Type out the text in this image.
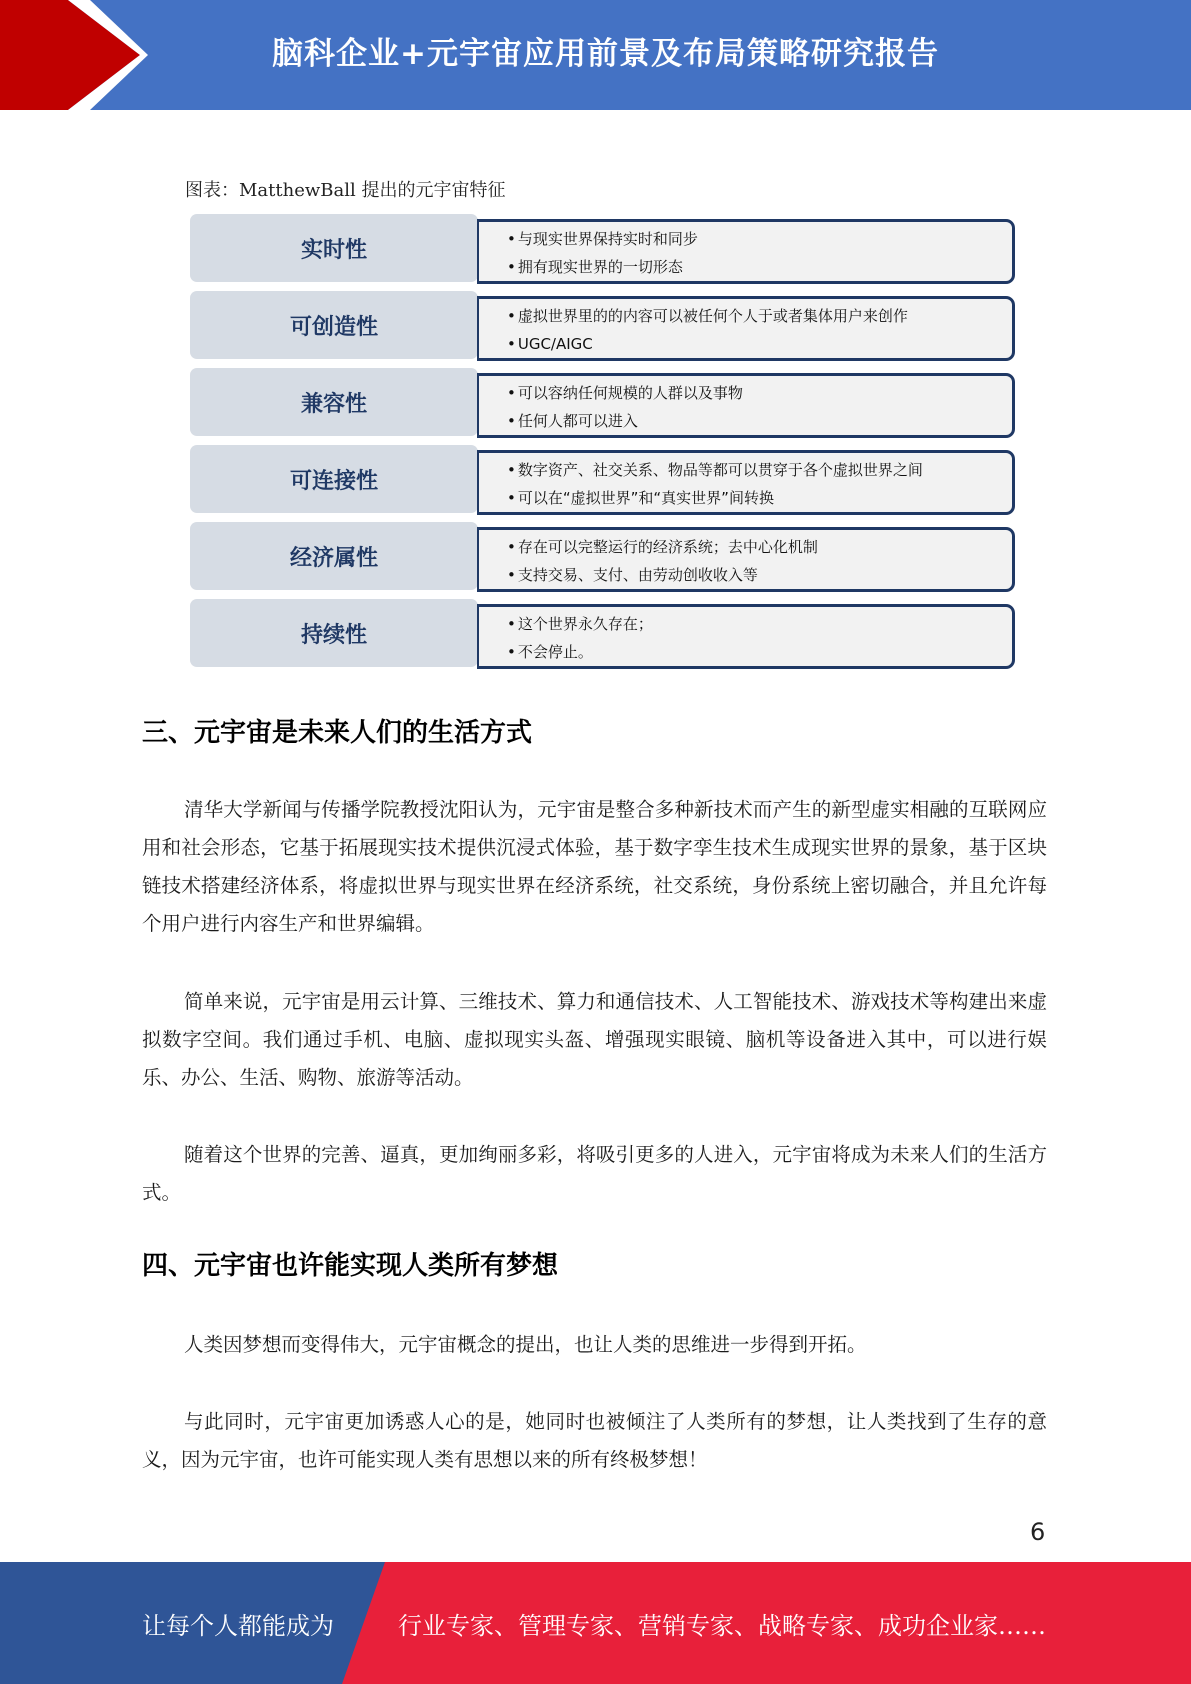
脑科企业+元宇宙应用前景及布局策略研究报告
图表：MatthewBall 提出的元宇宙特征
实时性	• 与现实世界保持实时和同步
• 拥有现实世界的一切形态
可创造性	• 虚拟世界里的的内容可以被任何个人于或者集体用户来创作
• UGC/AIGC
兼容性	• 可以容纳任何规模的人群以及事物
• 任何人都可以进入
可连接性	• 数字资产、社交关系、物品等都可以贯穿于各个虚拟世界之间
• 可以在“虚拟世界”和“真实世界”间转换
经济属性	• 存在可以完整运行的经济系统；去中心化机制
• 支持交易、支付、由劳动创收收入等
持续性	• 这个世界永久存在；
• 不会停止。
三、元宇宙是未来人们的生活方式
清华大学新闻与传播学院教授沈阳认为，元宇宙是整合多种新技术而产生的新型虚实相融的互联网应用和社会形态，它基于拓展现实技术提供沉浸式体验，基于数字孪生技术生成现实世界的景象，基于区块链技术搭建经济体系，将虚拟世界与现实世界在经济系统，社交系统，身份系统上密切融合，并且允许每个用户进行内容生产和世界编辑。
简单来说，元宇宙是用云计算、三维技术、算力和通信技术、人工智能技术、游戏技术等构建出来虚拟数字空间。我们通过手机、电脑、虚拟现实头盔、增强现实眼镜、脑机等设备进入其中，可以进行娱乐、办公、生活、购物、旅游等活动。
随着这个世界的完善、逼真，更加绚丽多彩，将吸引更多的人进入，元宇宙将成为未来人们的生活方式。
四、元宇宙也许能实现人类所有梦想
人类因梦想而变得伟大，元宇宙概念的提出，也让人类的思维进一步得到开拓。
与此同时，元宇宙更加诱惑人心的是，她同时也被倾注了人类所有的梦想，让人类找到了生存的意义，因为元宇宙，也许可能实现人类有思想以来的所有终极梦想！
6
让每个人都能成为	行业专家、管理专家、营销专家、战略专家、成功企业家……
